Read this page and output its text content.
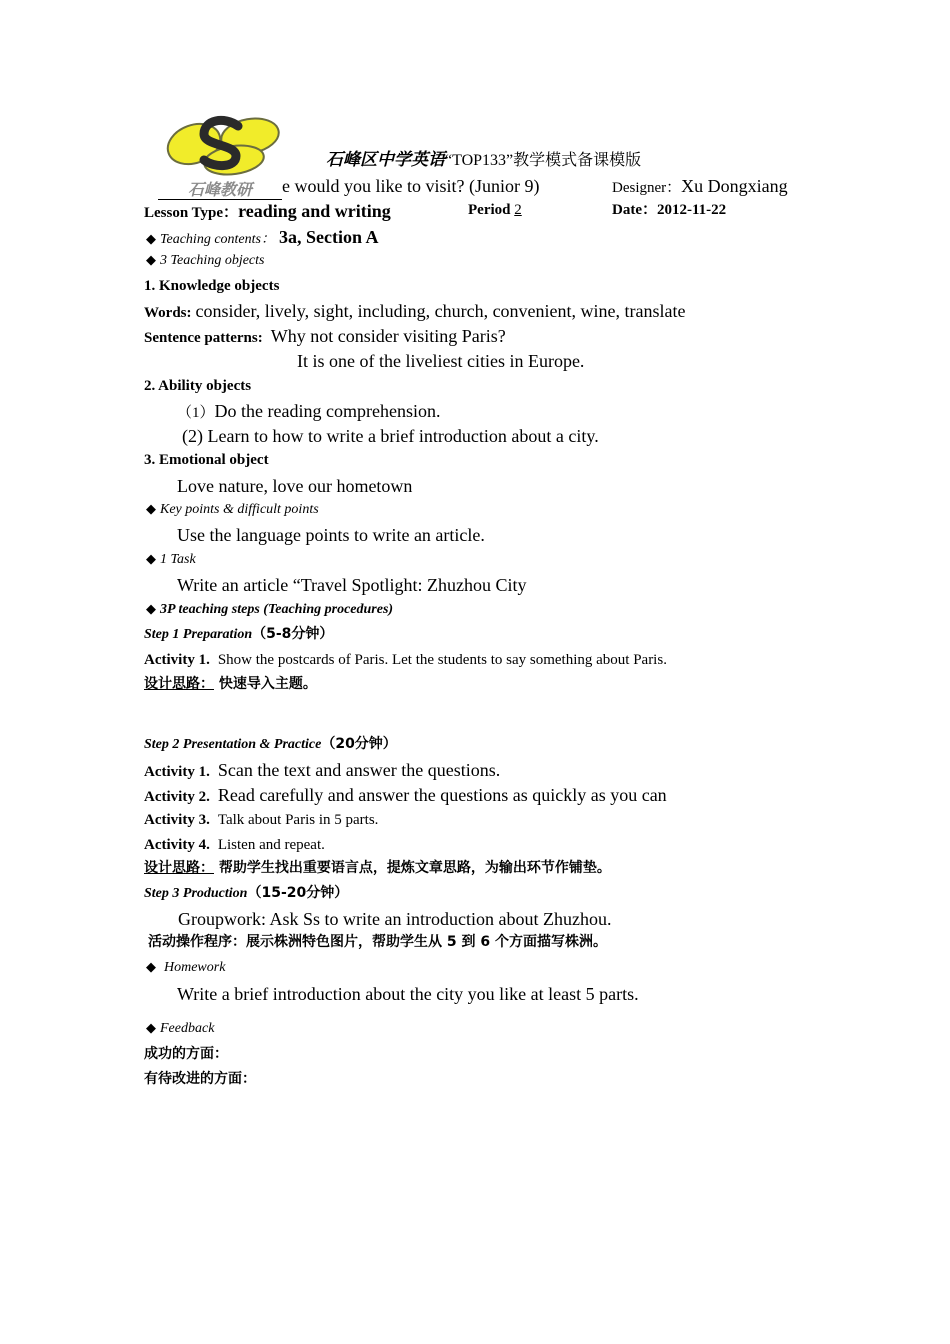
石峰教研
石峰区中学英语“TOP133”教学模式备课模版
e would you like to visit? (Junior 9)	Designer：Xu Dongxiang
Lesson Type：reading and writing	Period 2	Date：2012-11-22
◆ Teaching contents： 3a, Section A
◆ 3 Teaching objects
1. Knowledge objects
Words: consider, lively, sight, including, church, convenient, wine, translate
Sentence patterns: Why not consider visiting Paris?
It is one of the liveliest cities in Europe.
2. Ability objects
（1）Do the reading comprehension.
(2) Learn to how to write a brief introduction about a city.
3. Emotional object
Love nature, love our hometown
◆ Key points & difficult points
Use the language points to write an article.
◆ 1 Task
Write an article “Travel Spotlight: Zhuzhou City
◆ 3P teaching steps (Teaching procedures)
Step 1 Preparation（5-8分钟）
Activity 1. Show the postcards of Paris. Let the students to say something about Paris.
设计思路： 快速导入主题。
Step 2 Presentation & Practice（20分钟）
Activity 1. Scan the text and answer the questions.
Activity 2. Read carefully and answer the questions as quickly as you can
Activity 3. Talk about Paris in 5 parts.
Activity 4. Listen and repeat.
设计思路： 帮助学生找出重要语言点，提炼文章思路，为输出环节作铺垫。
Step 3 Production（15-20分钟）
Groupwork: Ask Ss to write an introduction about Zhuzhou.
活动操作程序：展示株洲特色图片，帮助学生从 5 到 6 个方面描写株洲。
◆ Homework
Write a brief introduction about the city you like at least 5 parts.
◆ Feedback
成功的方面：
有待改进的方面：
